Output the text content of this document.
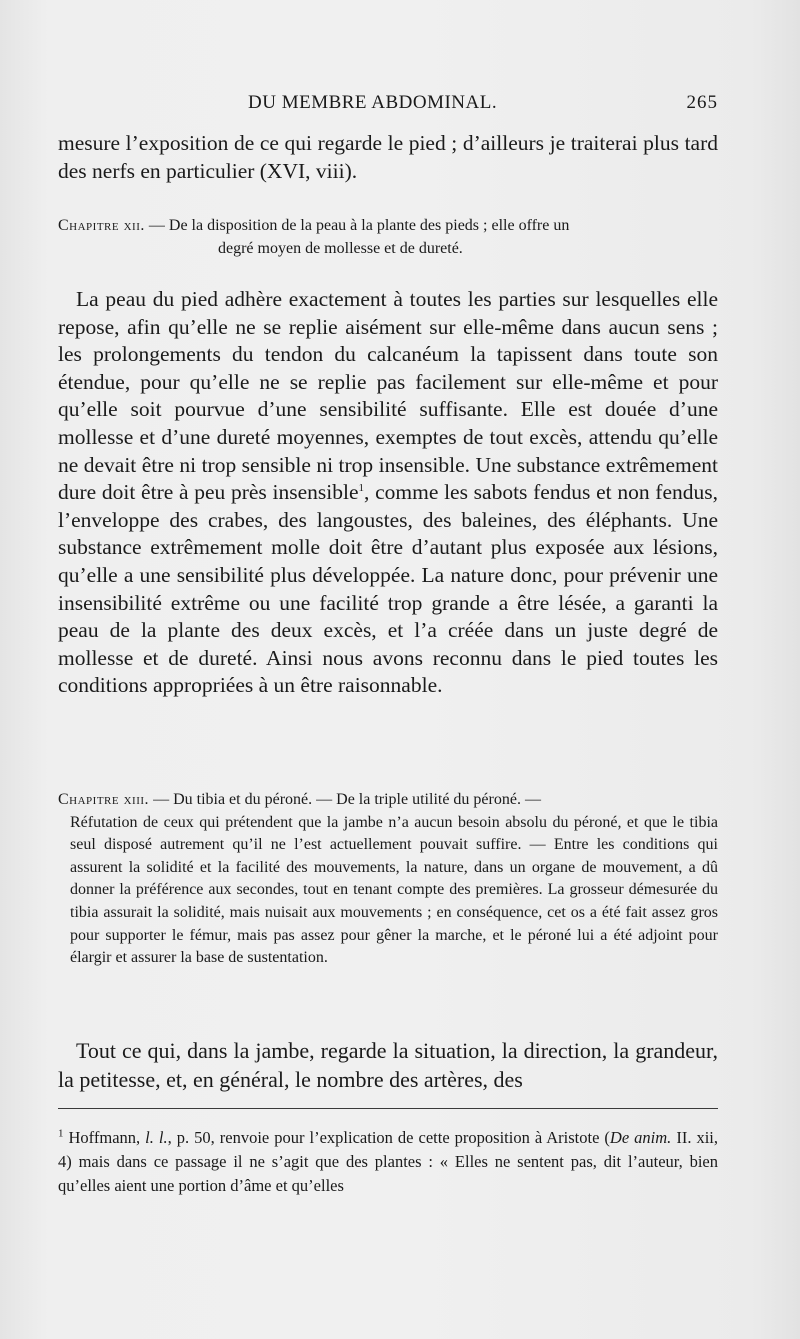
DU MEMBRE ABDOMINAL.	265

mesure l’exposition de ce qui regarde le pied ; d’ailleurs je traiterai plus tard des nerfs en particulier (XVI, viii).

Chapitre xii. — De la disposition de la peau à la plante des pieds ; elle offre un
degré moyen de mollesse et de dureté.

La peau du pied adhère exactement à toutes les parties sur lesquelles elle repose, afin qu’elle ne se replie aisément sur elle-même dans aucun sens ; les prolongements du tendon du calcanéum la tapissent dans toute son étendue, pour qu’elle ne se replie pas facilement sur elle-même et pour qu’elle soit pourvue d’une sensibilité suffisante. Elle est douée d’une mollesse et d’une dureté moyennes, exemptes de tout excès, attendu qu’elle ne devait être ni trop sensible ni trop insensible. Une substance extrêmement dure doit être à peu près insensible$^1$, comme les sabots fendus et non fendus, l’enveloppe des crabes, des langoustes, des baleines, des éléphants. Une substance extrêmement molle doit être d’autant plus exposée aux lésions, qu’elle a une sensibilité plus développée. La nature donc, pour prévenir une insensibilité extrême ou une facilité trop grande a être lésée, a garanti la peau de la plante des deux excès, et l’a créée dans un juste degré de mollesse et de dureté. Ainsi nous avons reconnu dans le pied toutes les conditions appropriées à un être raisonnable.

Chapitre xiii. — Du tibia et du péroné. — De la triple utilité du péroné. —
Réfutation de ceux qui prétendent que la jambe n’a aucun besoin absolu du péroné, et que le tibia seul disposé autrement qu’il ne l’est actuellement pouvait suffire. — Entre les conditions qui assurent la solidité et la facilité des mouvements, la nature, dans un organe de mouvement, a dû donner la préférence aux secondes, tout en tenant compte des premières. La grosseur démesurée du tibia assurait la solidité, mais nuisait aux mouvements ; en conséquence, cet os a été fait assez gros pour supporter le fémur, mais pas assez pour gêner la marche, et le péroné lui a été adjoint pour élargir et assurer la base de sustentation.

Tout ce qui, dans la jambe, regarde la situation, la direction, la grandeur, la petitesse, et, en général, le nombre des artères, des

$^1$ Hoffmann, l. l., p. 50, renvoie pour l’explication de cette proposition à Aristote (De anim. II. xii, 4) mais dans ce passage il ne s’agit que des plantes : « Elles ne sentent pas, dit l’auteur, bien qu’elles aient une portion d’âme et qu’elles
